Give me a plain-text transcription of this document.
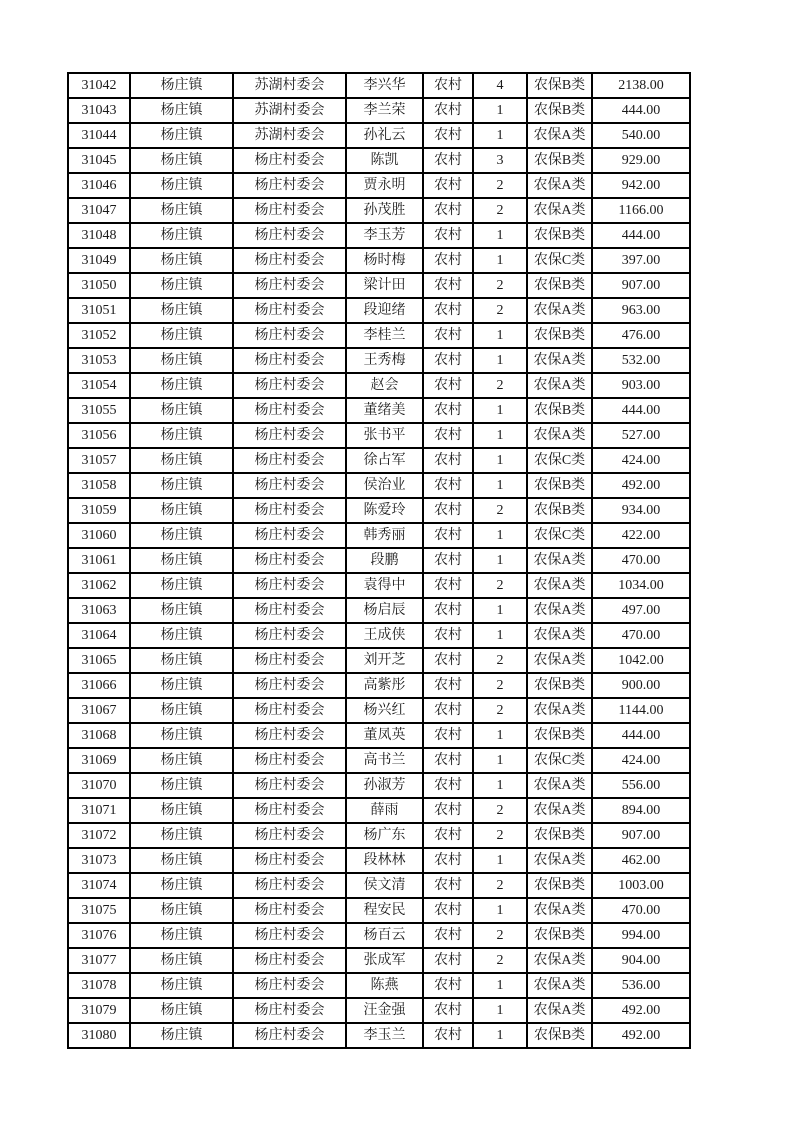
31042	杨庄镇	苏湖村委会	李兴华	农村	4	农保B类	2138.00
31043	杨庄镇	苏湖村委会	李兰荣	农村	1	农保B类	444.00
31044	杨庄镇	苏湖村委会	孙礼云	农村	1	农保A类	540.00
31045	杨庄镇	杨庄村委会	陈凯	农村	3	农保B类	929.00
31046	杨庄镇	杨庄村委会	贾永明	农村	2	农保A类	942.00
31047	杨庄镇	杨庄村委会	孙茂胜	农村	2	农保A类	1166.00
31048	杨庄镇	杨庄村委会	李玉芳	农村	1	农保B类	444.00
31049	杨庄镇	杨庄村委会	杨时梅	农村	1	农保C类	397.00
31050	杨庄镇	杨庄村委会	梁计田	农村	2	农保B类	907.00
31051	杨庄镇	杨庄村委会	段迎绪	农村	2	农保A类	963.00
31052	杨庄镇	杨庄村委会	李桂兰	农村	1	农保B类	476.00
31053	杨庄镇	杨庄村委会	王秀梅	农村	1	农保A类	532.00
31054	杨庄镇	杨庄村委会	赵会	农村	2	农保A类	903.00
31055	杨庄镇	杨庄村委会	董绪美	农村	1	农保B类	444.00
31056	杨庄镇	杨庄村委会	张书平	农村	1	农保A类	527.00
31057	杨庄镇	杨庄村委会	徐占军	农村	1	农保C类	424.00
31058	杨庄镇	杨庄村委会	侯治业	农村	1	农保B类	492.00
31059	杨庄镇	杨庄村委会	陈爱玲	农村	2	农保B类	934.00
31060	杨庄镇	杨庄村委会	韩秀丽	农村	1	农保C类	422.00
31061	杨庄镇	杨庄村委会	段鹏	农村	1	农保A类	470.00
31062	杨庄镇	杨庄村委会	袁得中	农村	2	农保A类	1034.00
31063	杨庄镇	杨庄村委会	杨启辰	农村	1	农保A类	497.00
31064	杨庄镇	杨庄村委会	王成侠	农村	1	农保A类	470.00
31065	杨庄镇	杨庄村委会	刘开芝	农村	2	农保A类	1042.00
31066	杨庄镇	杨庄村委会	高紫彤	农村	2	农保B类	900.00
31067	杨庄镇	杨庄村委会	杨兴红	农村	2	农保A类	1144.00
31068	杨庄镇	杨庄村委会	董凤英	农村	1	农保B类	444.00
31069	杨庄镇	杨庄村委会	高书兰	农村	1	农保C类	424.00
31070	杨庄镇	杨庄村委会	孙淑芳	农村	1	农保A类	556.00
31071	杨庄镇	杨庄村委会	薛雨	农村	2	农保A类	894.00
31072	杨庄镇	杨庄村委会	杨广东	农村	2	农保B类	907.00
31073	杨庄镇	杨庄村委会	段林林	农村	1	农保A类	462.00
31074	杨庄镇	杨庄村委会	侯文清	农村	2	农保B类	1003.00
31075	杨庄镇	杨庄村委会	程安民	农村	1	农保A类	470.00
31076	杨庄镇	杨庄村委会	杨百云	农村	2	农保B类	994.00
31077	杨庄镇	杨庄村委会	张成军	农村	2	农保A类	904.00
31078	杨庄镇	杨庄村委会	陈燕	农村	1	农保A类	536.00
31079	杨庄镇	杨庄村委会	汪金强	农村	1	农保A类	492.00
31080	杨庄镇	杨庄村委会	李玉兰	农村	1	农保B类	492.00
